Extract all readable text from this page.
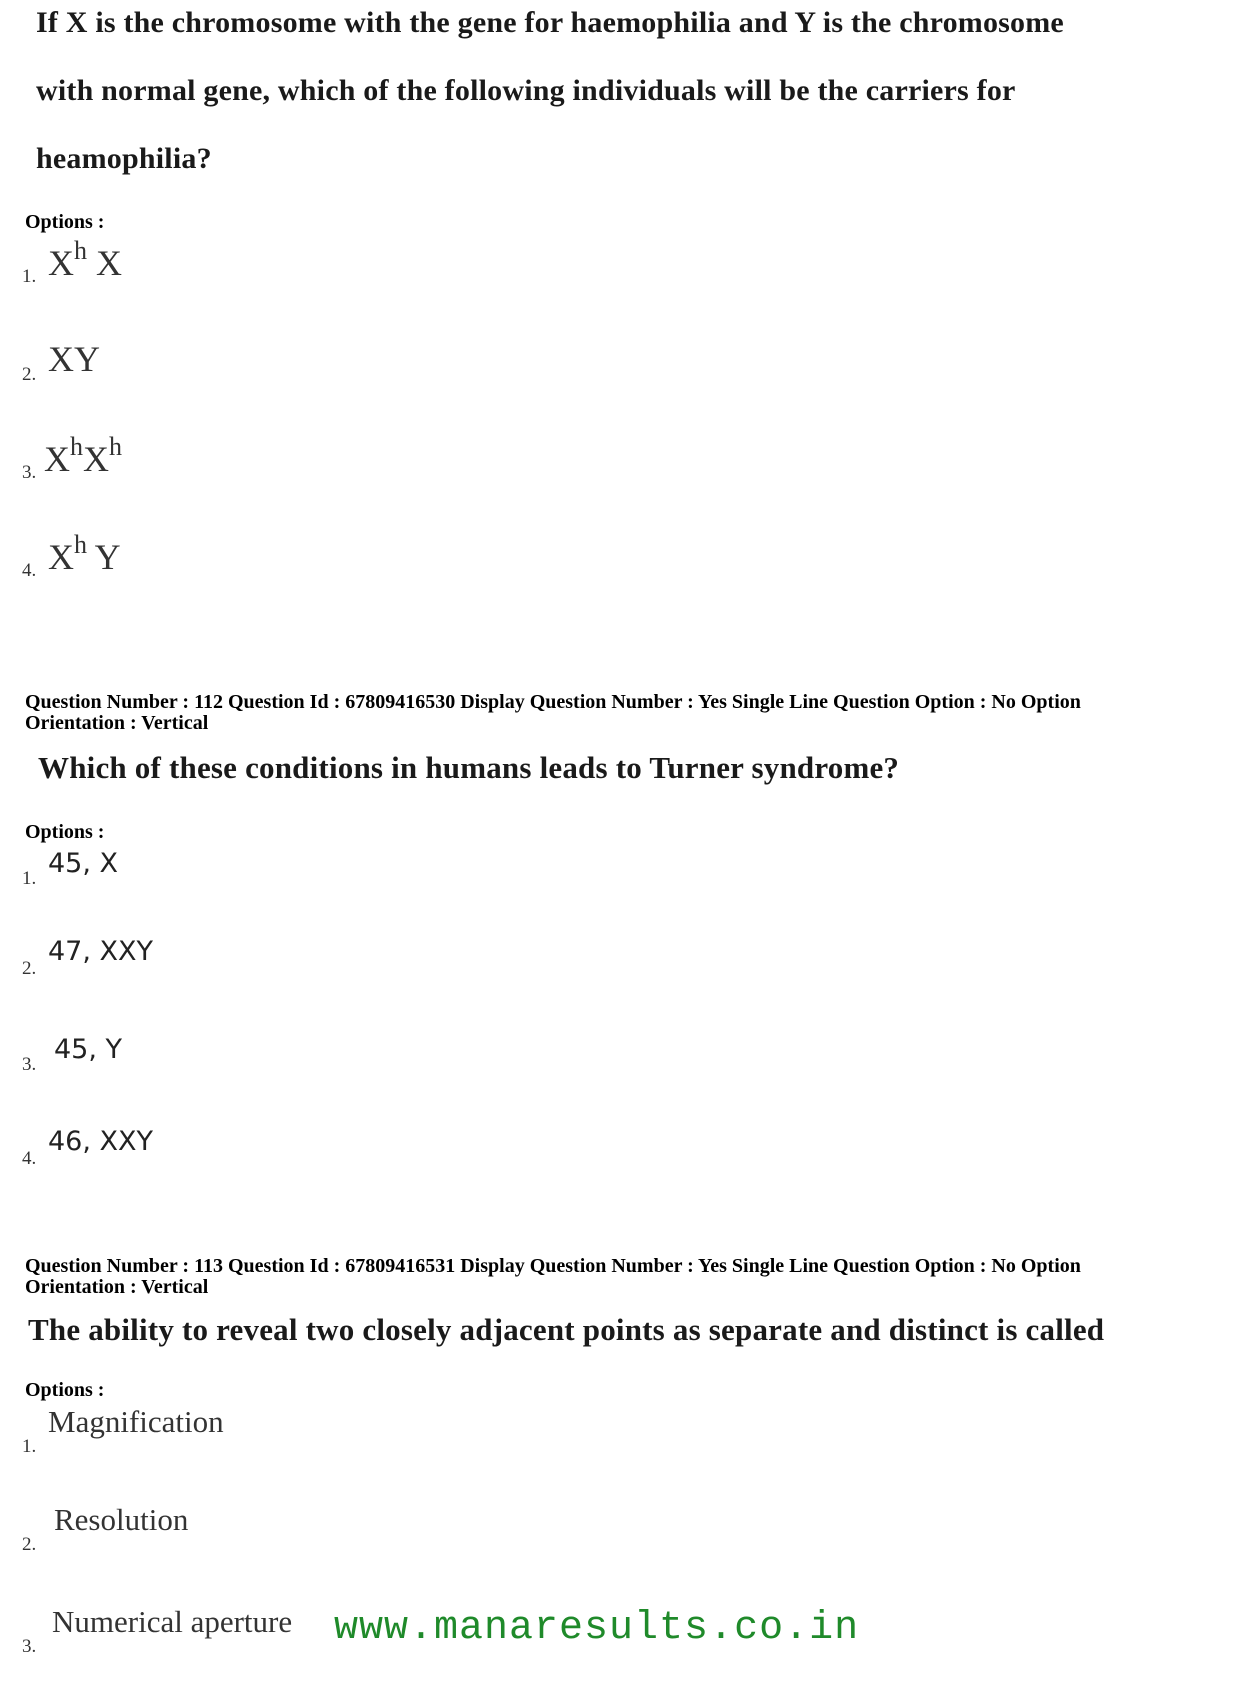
If X is the chromosome with the gene for haemophilia and Y is the chromosome
with normal gene, which of the following individuals will be the carriers for
heamophilia?
Options :
1. $X^h$ X
2. XY
3. $X^hX^h$
4. $X^h$ Y
Question Number : 112 Question Id : 67809416530 Display Question Number : Yes Single Line Question Option : No Option
Orientation : Vertical
Which of these conditions in humans leads to Turner syndrome?
Options :
1. 45, X
2.
47, XXY
3. 45, Y
4.
46, XXY
Question Number : 113 Question Id : 67809416531 Display Question Number : Yes Single Line Question Option : No Option
Orientation : Vertical
The ability to reveal two closely adjacent points as separate and distinct is called
Options :
1.
Magnification
2.
Resolution
3.
Numerical aperture www.manaresults.co.in
